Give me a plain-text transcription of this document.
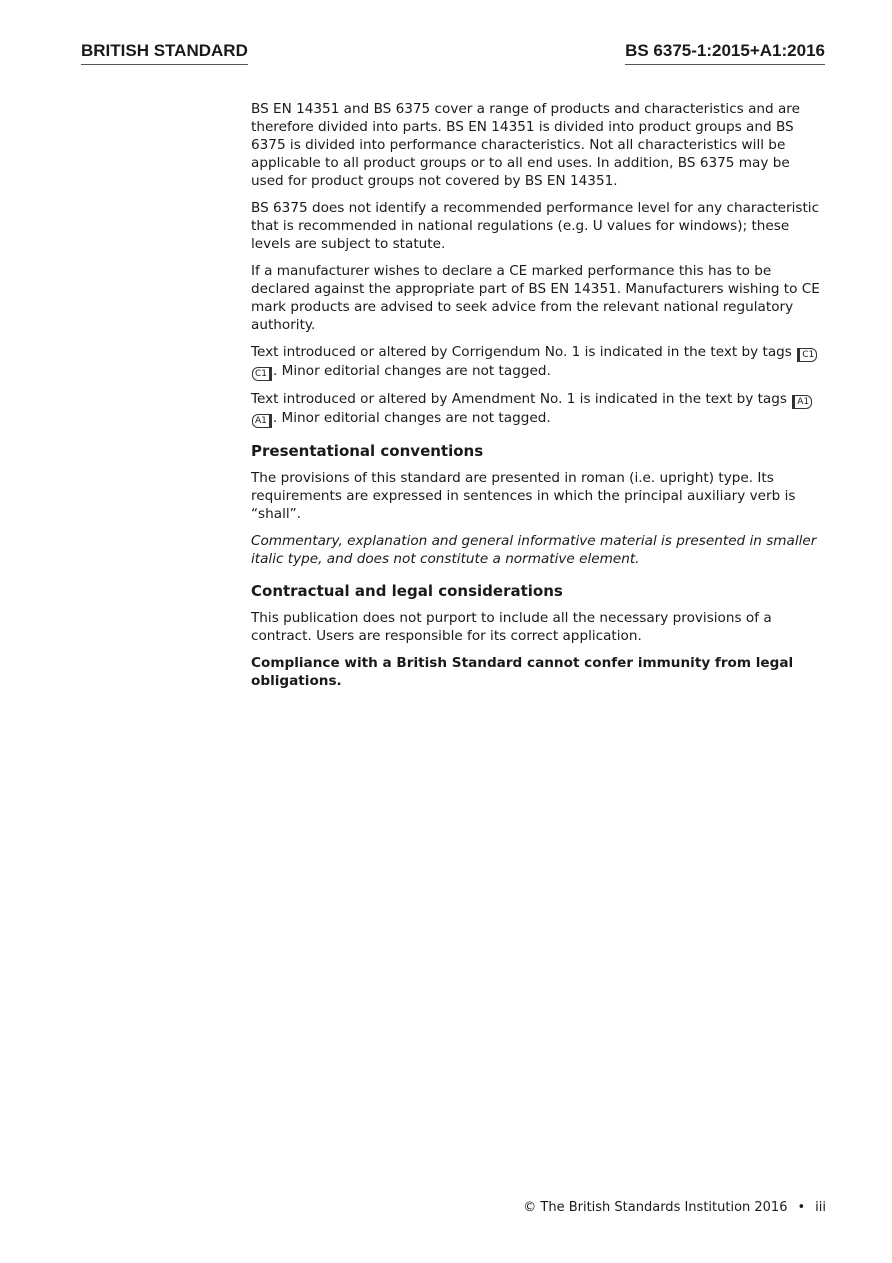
BRITISH STANDARD	BS 6375-1:2015+A1:2016

BS EN 14351 and BS 6375 cover a range of products and characteristics and are therefore divided into parts. BS EN 14351 is divided into product groups and BS 6375 is divided into performance characteristics. Not all characteristics will be applicable to all product groups or to all end uses. In addition, BS 6375 may be used for product groups not covered by BS EN 14351.

BS 6375 does not identify a recommended performance level for any characteristic that is recommended in national regulations (e.g. U values for windows); these levels are subject to statute.

If a manufacturer wishes to declare a CE marked performance this has to be declared against the appropriate part of BS EN 14351. Manufacturers wishing to CE mark products are advised to seek advice from the relevant national regulatory authority.

Text introduced or altered by Corrigendum No. 1 is indicated in the text by tags C1 C1 . Minor editorial changes are not tagged.

Text introduced or altered by Amendment No. 1 is indicated in the text by tags A1 A1 . Minor editorial changes are not tagged.

Presentational conventions

The provisions of this standard are presented in roman (i.e. upright) type. Its requirements are expressed in sentences in which the principal auxiliary verb is “shall”.

Commentary, explanation and general informative material is presented in smaller italic type, and does not constitute a normative element.

Contractual and legal considerations

This publication does not purport to include all the necessary provisions of a contract. Users are responsible for its correct application.

Compliance with a British Standard cannot confer immunity from legal obligations.

© The British Standards Institution 2016 • iii
